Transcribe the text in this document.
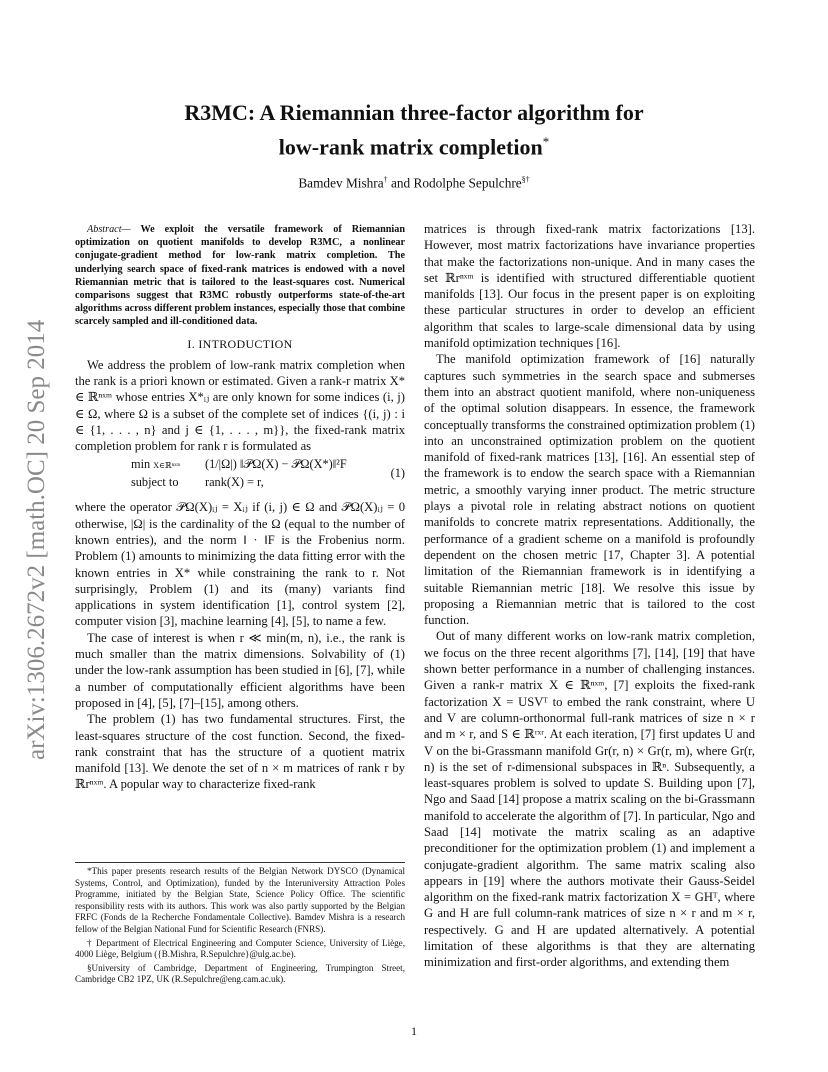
arXiv:1306.2672v2 [math.OC] 20 Sep 2014
R3MC: A Riemannian three-factor algorithm for
low-rank matrix completion*
Bamdev Mishra† and Rodolphe Sepulchre§†

Abstract— We exploit the versatile framework of Riemannian optimization on quotient manifolds to develop R3MC, a nonlinear conjugate-gradient method for low-rank matrix completion. The underlying search space of fixed-rank matrices is endowed with a novel Riemannian metric that is tailored to the least-squares cost. Numerical comparisons suggest that R3MC robustly outperforms state-of-the-art algorithms across different problem instances, especially those that combine scarcely sampled and ill-conditioned data.

I. INTRODUCTION

We address the problem of low-rank matrix completion when the rank is a priori known or estimated. Given a rank-r matrix X* ∈ ℝⁿˣᵐ whose entries X*ᵢⱼ are only known for some indices (i, j) ∈ Ω, where Ω is a subset of the complete set of indices {(i, j) : i ∈ {1, . . . , n} and j ∈ {1, . . . , m}}, the fixed-rank matrix completion problem for rank r is formulated as

min X∈ℝⁿˣᵐ (1/|Ω|) ‖𝒫Ω(X) − 𝒫Ω(X*)‖²F
subject to rank(X) = r,
(1)

where the operator 𝒫Ω(X)ᵢⱼ = Xᵢⱼ if (i, j) ∈ Ω and 𝒫Ω(X)ᵢⱼ = 0 otherwise, |Ω| is the cardinality of the Ω (equal to the number of known entries), and the norm ‖ · ‖F is the Frobenius norm. Problem (1) amounts to minimizing the data fitting error with the known entries in X* while constraining the rank to r. Not surprisingly, Problem (1) and its (many) variants find applications in system identification [1], control system [2], computer vision [3], machine learning [4], [5], to name a few.

The case of interest is when r ≪ min(m, n), i.e., the rank is much smaller than the matrix dimensions. Solvability of (1) under the low-rank assumption has been studied in [6], [7], while a number of computationally efficient algorithms have been proposed in [4], [5], [7]–[15], among others.

The problem (1) has two fundamental structures. First, the least-squares structure of the cost function. Second, the fixed-rank constraint that has the structure of a quotient matrix manifold [13]. We denote the set of n × m matrices of rank r by ℝrⁿˣᵐ. A popular way to characterize fixed-rank

*This paper presents research results of the Belgian Network DYSCO (Dynamical Systems, Control, and Optimization), funded by the Interuniversity Attraction Poles Programme, initiated by the Belgian State, Science Policy Office. The scientific responsibility rests with its authors. This work was also partly supported by the Belgian FRFC (Fonds de la Recherche Fondamentale Collective). Bamdev Mishra is a research fellow of the Belgian National Fund for Scientific Research (FNRS).

† Department of Electrical Engineering and Computer Science, University of Liège, 4000 Liège, Belgium ({B.Mishra, R.Sepulchre}@ulg.ac.be).

§University of Cambridge, Department of Engineering, Trumpington Street, Cambridge CB2 1PZ, UK (R.Sepulchre@eng.cam.ac.uk).

matrices is through fixed-rank matrix factorizations [13]. However, most matrix factorizations have invariance properties that make the factorizations non-unique. And in many cases the set ℝrⁿˣᵐ is identified with structured differentiable quotient manifolds [13]. Our focus in the present paper is on exploiting these particular structures in order to develop an efficient algorithm that scales to large-scale dimensional data by using manifold optimization techniques [16].

The manifold optimization framework of [16] naturally captures such symmetries in the search space and submerses them into an abstract quotient manifold, where non-uniqueness of the optimal solution disappears. In essence, the framework conceptually transforms the constrained optimization problem (1) into an unconstrained optimization problem on the quotient manifold of fixed-rank matrices [13], [16]. An essential step of the framework is to endow the search space with a Riemannian metric, a smoothly varying inner product. The metric structure plays a pivotal role in relating abstract notions on quotient manifolds to concrete matrix representations. Additionally, the performance of a gradient scheme on a manifold is profoundly dependent on the chosen metric [17, Chapter 3]. A potential limitation of the Riemannian framework is in identifying a suitable Riemannian metric [18]. We resolve this issue by proposing a Riemannian metric that is tailored to the cost function.

Out of many different works on low-rank matrix completion, we focus on the three recent algorithms [7], [14], [19] that have shown better performance in a number of challenging instances. Given a rank-r matrix X ∈ ℝⁿˣᵐ, [7] exploits the fixed-rank factorization X = USVᵀ to embed the rank constraint, where U and V are column-orthonormal full-rank matrices of size n × r and m × r, and S ∈ ℝʳˣʳ. At each iteration, [7] first updates U and V on the bi-Grassmann manifold Gr(r, n) × Gr(r, m), where Gr(r, n) is the set of r-dimensional subspaces in ℝⁿ. Subsequently, a least-squares problem is solved to update S. Building upon [7], Ngo and Saad [14] propose a matrix scaling on the bi-Grassmann manifold to accelerate the algorithm of [7]. In particular, Ngo and Saad [14] motivate the matrix scaling as an adaptive preconditioner for the optimization problem (1) and implement a conjugate-gradient algorithm. The same matrix scaling also appears in [19] where the authors motivate their Gauss-Seidel algorithm on the fixed-rank matrix factorization X = GHᵀ, where G and H are full column-rank matrices of size n × r and m × r, respectively. G and H are updated alternatively. A potential limitation of these algorithms is that they are alternating minimization and first-order algorithms, and extending them

1
